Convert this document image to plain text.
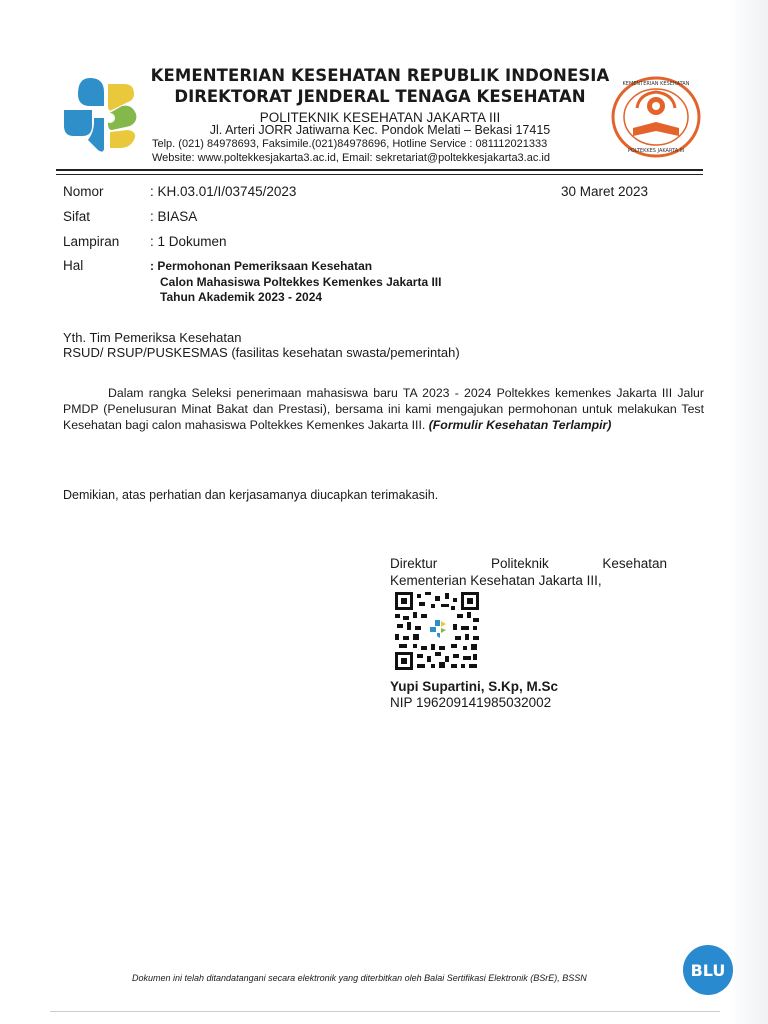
KEMENTERIAN KESEHATAN
POLTEKKES JAKARTA III
KEMENTERIAN KESEHATAN REPUBLIK INDONESIA
DIREKTORAT JENDERAL TENAGA KESEHATAN
POLITEKNIK KESEHATAN JAKARTA III
Jl. Arteri JORR Jatiwarna Kec. Pondok Melati – Bekasi 17415
Telp. (021) 84978693, Faksimile.(021)84978696, Hotline Service : 081112021333
Website: www.poltekkesjakarta3.ac.id, Email: sekretariat@poltekkesjakarta3.ac.id
Nomor	: KH.03.01/I/03745/2023	30 Maret 2023
Sifat	: BIASA
Lampiran : 1 Dokumen
Hal	: Permohonan Pemeriksaan Kesehatan
Calon Mahasiswa Poltekkes Kemenkes Jakarta III
Tahun Akademik 2023 - 2024
Yth. Tim Pemeriksa Kesehatan
RSUD/ RSUP/PUSKESMAS (fasilitas kesehatan swasta/pemerintah)
Dalam rangka Seleksi penerimaan mahasiswa baru TA 2023 - 2024 Poltekkes kemenkes Jakarta III Jalur PMDP (Penelusuran Minat Bakat dan Prestasi), bersama ini kami mengajukan permohonan untuk melakukan Test Kesehatan bagi calon mahasiswa Poltekkes Kemenkes Jakarta III. (Formulir Kesehatan Terlampir)
Demikian, atas perhatian dan kerjasamanya diucapkan terimakasih.
Direktur	Politeknik	Kesehatan
Kementerian Kesehatan Jakarta III,
Yupi Supartini, S.Kp, M.Sc
NIP 196209141985032002
Dokumen ini telah ditandatangani secara elektronik yang diterbitkan oleh Balai Sertifikasi Elektronik (BSrE), BSSN	BLU
